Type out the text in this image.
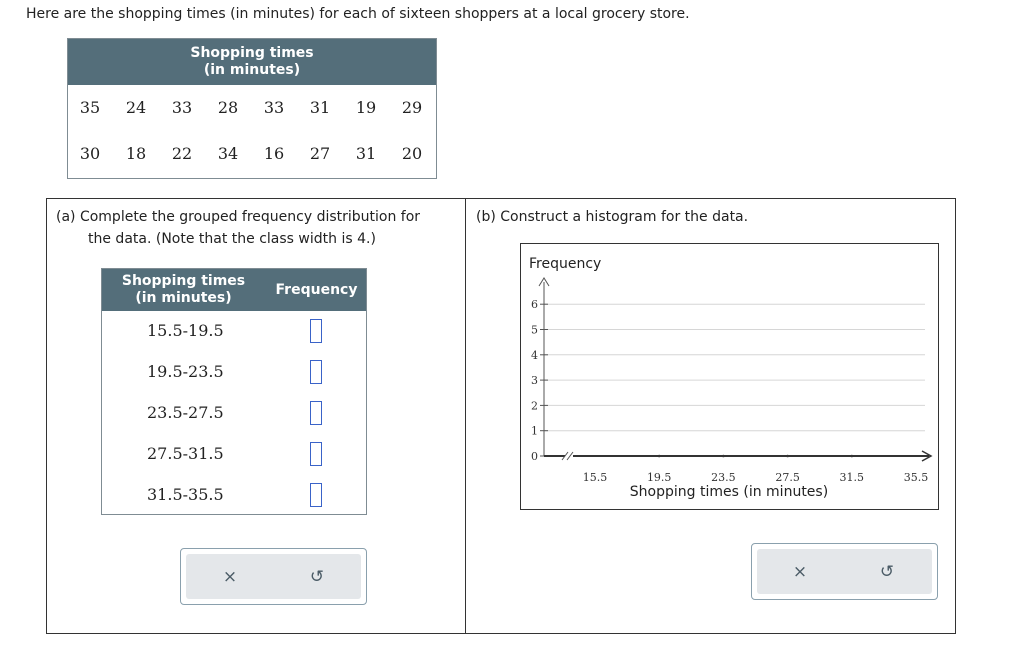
Here are the shopping times (in minutes) for each of sixteen shoppers at a local grocery store.
Shopping times
(in minutes)
35	24	33	28	33	31	19	29
30	18	22	34	16	27	31	20
(a) Complete the grouped frequency distribution for
the data. (Note that the class width is 4.)
Shopping times
(in minutes)	Frequency
15.5-19.5
19.5-23.5
23.5-27.5
27.5-31.5
31.5-35.5
×	↺
(b) Construct a histogram for the data.
Frequency
0
1
2
3
4
5
6
15.5	19.5	23.5	27.5	31.5	35.5
Shopping times (in minutes)
×	↺
